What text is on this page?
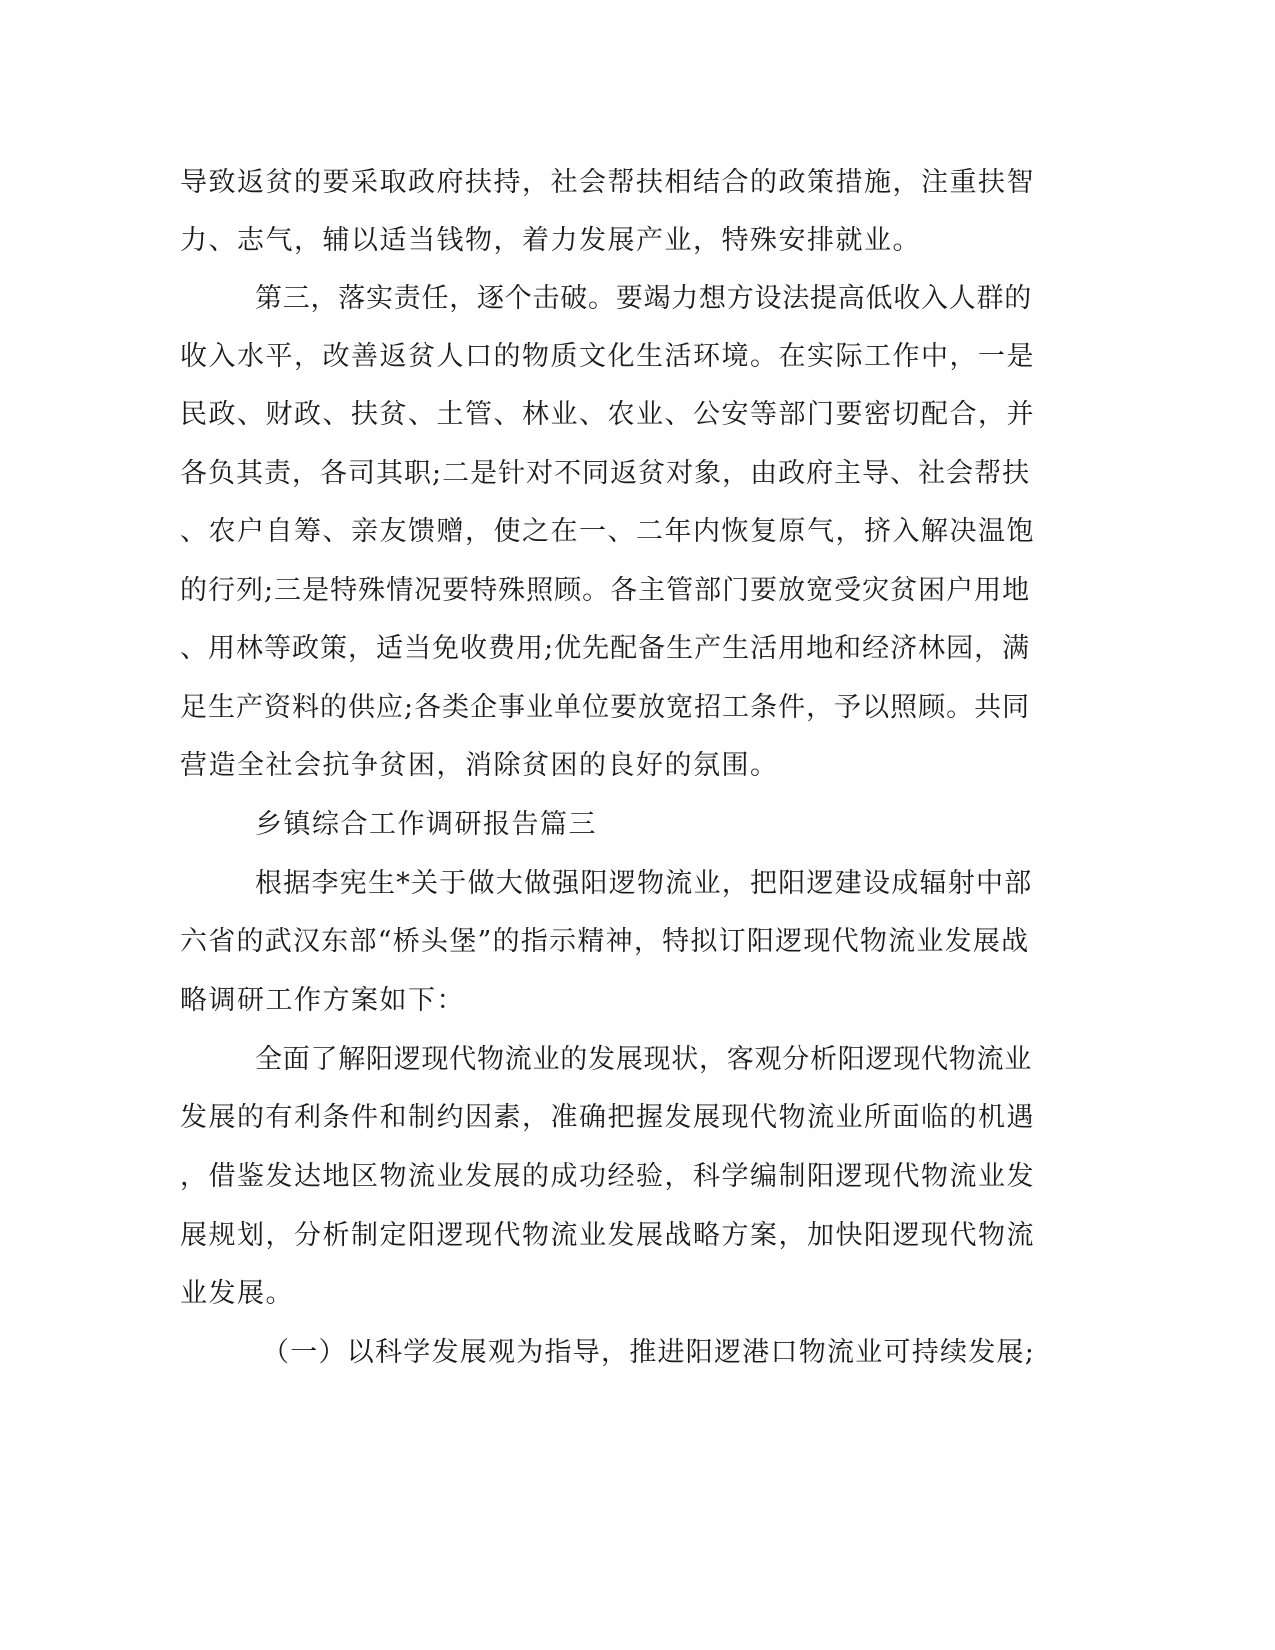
导致返贫的要采取政府扶持，社会帮扶相结合的政策措施，注重扶智
力、志气，辅以适当钱物，着力发展产业，特殊安排就业。
第三，落实责任，逐个击破。要竭力想方设法提高低收入人群的
收入水平，改善返贫人口的物质文化生活环境。在实际工作中，一是
民政、财政、扶贫、土管、林业、农业、公安等部门要密切配合，并
各负其责，各司其职;二是针对不同返贫对象，由政府主导、社会帮扶
、农户自筹、亲友馈赠，使之在一、二年内恢复原气，挤入解决温饱
的行列;三是特殊情况要特殊照顾。各主管部门要放宽受灾贫困户用地
、用林等政策，适当免收费用;优先配备生产生活用地和经济林园，满
足生产资料的供应;各类企事业单位要放宽招工条件，予以照顾。共同
营造全社会抗争贫困，消除贫困的良好的氛围。
乡镇综合工作调研报告篇三
根据李宪生*关于做大做强阳逻物流业，把阳逻建设成辐射中部
六省的武汉东部“桥头堡”的指示精神，特拟订阳逻现代物流业发展战
略调研工作方案如下：
全面了解阳逻现代物流业的发展现状，客观分析阳逻现代物流业
发展的有利条件和制约因素，准确把握发展现代物流业所面临的机遇
，借鉴发达地区物流业发展的成功经验，科学编制阳逻现代物流业发
展规划，分析制定阳逻现代物流业发展战略方案，加快阳逻现代物流
业发展。
（一）以科学发展观为指导，推进阳逻港口物流业可持续发展;
